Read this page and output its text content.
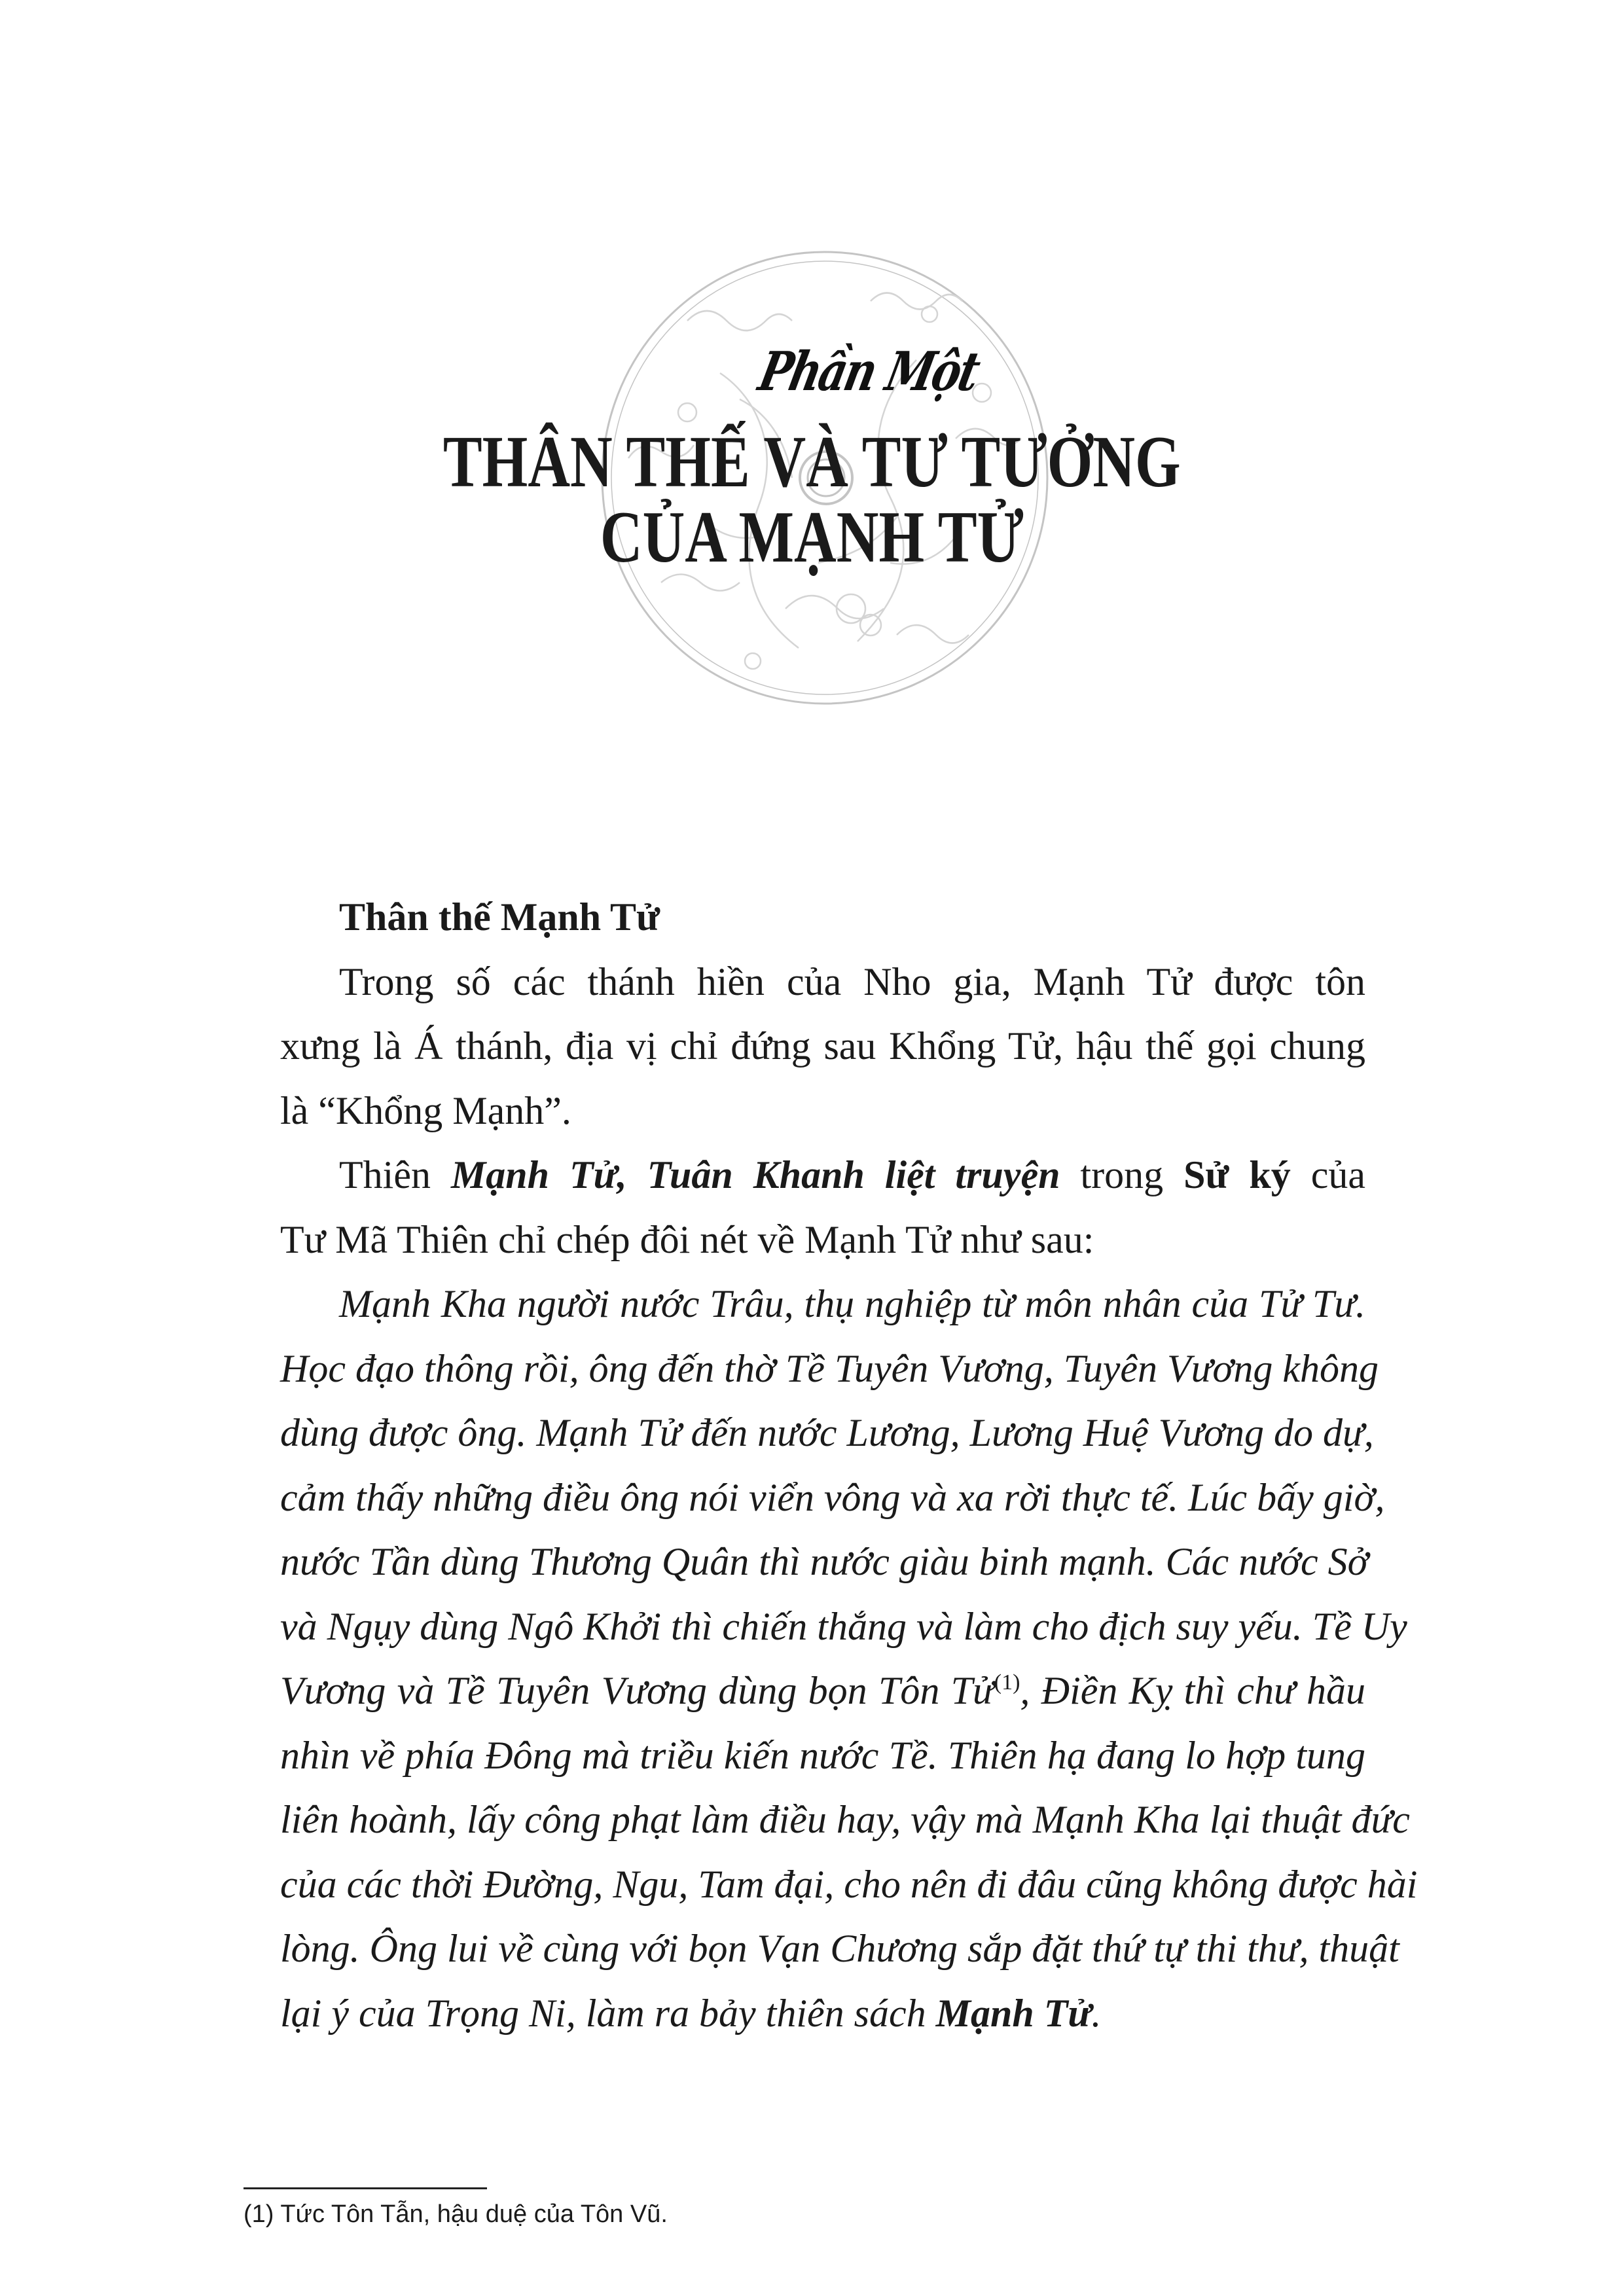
Phần Một
THÂN THẾ VÀ TƯ TƯỞNG
CỦA MẠNH TỬ
Thân thế Mạnh Tử
Trong số các thánh hiền của Nho gia, Mạnh Tử được tôn
xưng là Á thánh, địa vị chỉ đứng sau Khổng Tử, hậu thế gọi chung
là “Khổng Mạnh”.
Thiên Mạnh Tử, Tuân Khanh liệt truyện trong Sử ký của
Tư Mã Thiên chỉ chép đôi nét về Mạnh Tử như sau:
Mạnh Kha người nước Trâu, thụ nghiệp từ môn nhân của Tử Tư.
Học đạo thông rồi, ông đến thờ Tề Tuyên Vương, Tuyên Vương không
dùng được ông. Mạnh Tử đến nước Lương, Lương Huệ Vương do dự,
cảm thấy những điều ông nói viển vông và xa rời thực tế. Lúc bấy giờ,
nước Tần dùng Thương Quân thì nước giàu binh mạnh. Các nước Sở
và Ngụy dùng Ngô Khởi thì chiến thắng và làm cho địch suy yếu. Tề Uy
Vương và Tề Tuyên Vương dùng bọn Tôn Tử$^{(1)}$, Điền Kỵ thì chư hầu
nhìn về phía Đông mà triều kiến nước Tề. Thiên hạ đang lo hợp tung
liên hoành, lấy công phạt làm điều hay, vậy mà Mạnh Kha lại thuật đức
của các thời Đường, Ngu, Tam đại, cho nên đi đâu cũng không được hài
lòng. Ông lui về cùng với bọn Vạn Chương sắp đặt thứ tự thi thư, thuật
lại ý của Trọng Ni, làm ra bảy thiên sách Mạnh Tử.
(1) Tức Tôn Tẫn, hậu duệ của Tôn Vũ.
